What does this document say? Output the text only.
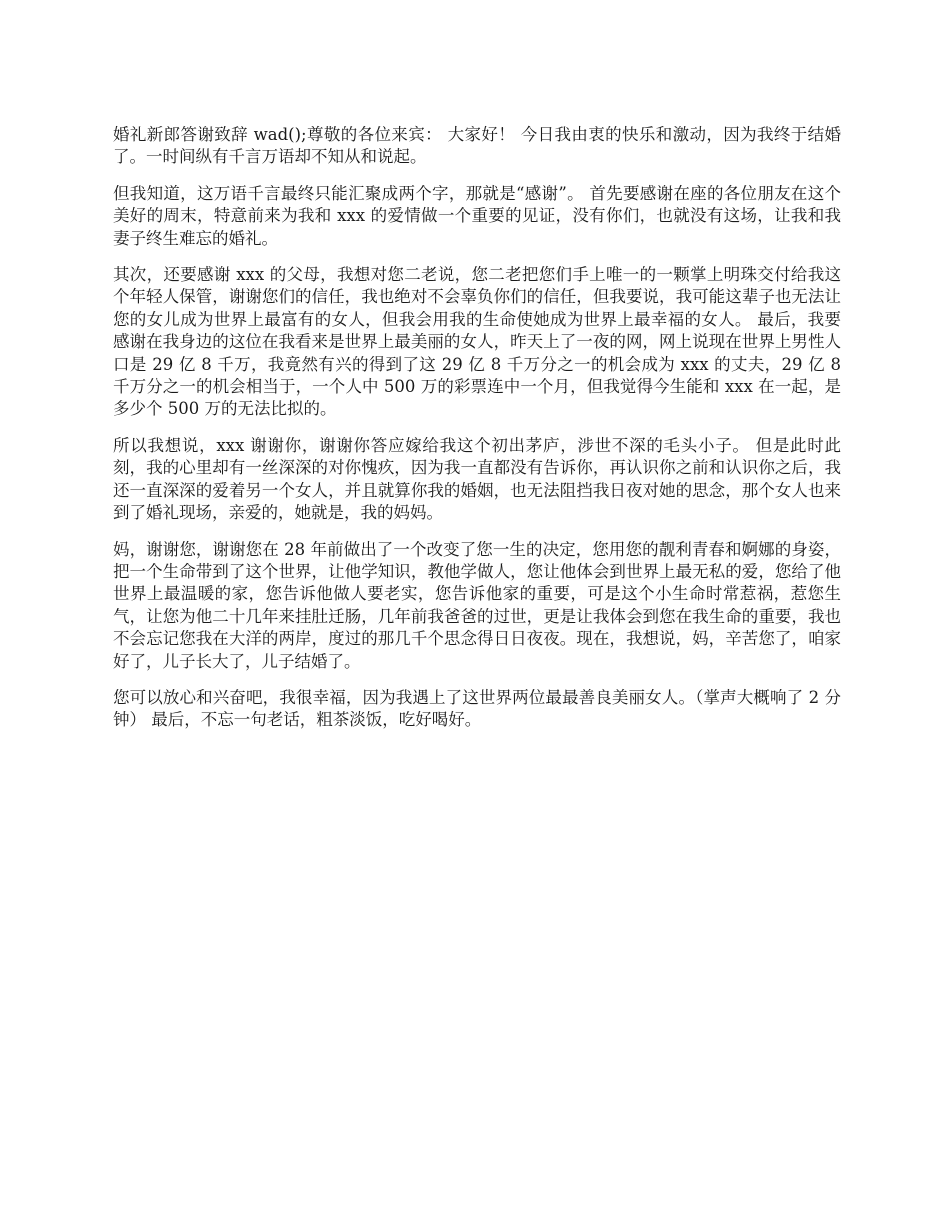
婚礼新郎答谢致辞 wad();尊敬的各位来宾： 大家好！ 今日我由衷的快乐和激动，因为我终于结婚了。一时间纵有千言万语却不知从和说起。

但我知道，这万语千言最终只能汇聚成两个字，那就是“感谢”。 首先要感谢在座的各位朋友在这个美好的周末，特意前来为我和 xxx 的爱情做一个重要的见证，没有你们，也就没有这场，让我和我妻子终生难忘的婚礼。

其次，还要感谢 xxx 的父母，我想对您二老说，您二老把您们手上唯一的一颗掌上明珠交付给我这个年轻人保管，谢谢您们的信任，我也绝对不会辜负你们的信任，但我要说，我可能这辈子也无法让您的女儿成为世界上最富有的女人，但我会用我的生命使她成为世界上最幸福的女人。 最后，我要感谢在我身边的这位在我看来是世界上最美丽的女人，昨天上了一夜的网，网上说现在世界上男性人口是 29 亿 8 千万，我竟然有兴的得到了这 29 亿 8 千万分之一的机会成为 xxx 的丈夫，29 亿 8 千万分之一的机会相当于，一个人中 500 万的彩票连中一个月，但我觉得今生能和 xxx 在一起，是多少个 500 万的无法比拟的。

所以我想说，xxx 谢谢你，谢谢你答应嫁给我这个初出茅庐，涉世不深的毛头小子。 但是此时此刻，我的心里却有一丝深深的对你愧疚，因为我一直都没有告诉你，再认识你之前和认识你之后，我还一直深深的爱着另一个女人，并且就算你我的婚姻，也无法阻挡我日夜对她的思念，那个女人也来到了婚礼现场，亲爱的，她就是，我的妈妈。

妈，谢谢您，谢谢您在 28 年前做出了一个改变了您一生的决定，您用您的靓利青春和婀娜的身姿，把一个生命带到了这个世界，让他学知识，教他学做人，您让他体会到世界上最无私的爱，您给了他世界上最温暖的家，您告诉他做人要老实，您告诉他家的重要，可是这个小生命时常惹祸，惹您生气，让您为他二十几年来挂肚迁肠，几年前我爸爸的过世，更是让我体会到您在我生命的重要，我也不会忘记您我在大洋的两岸，度过的那几千个思念得日日夜夜。现在，我想说，妈，辛苦您了，咱家好了，儿子长大了，儿子结婚了。

您可以放心和兴奋吧，我很幸福，因为我遇上了这世界两位最最善良美丽女人。（掌声大概响了 2 分钟） 最后，不忘一句老话，粗茶淡饭，吃好喝好。
